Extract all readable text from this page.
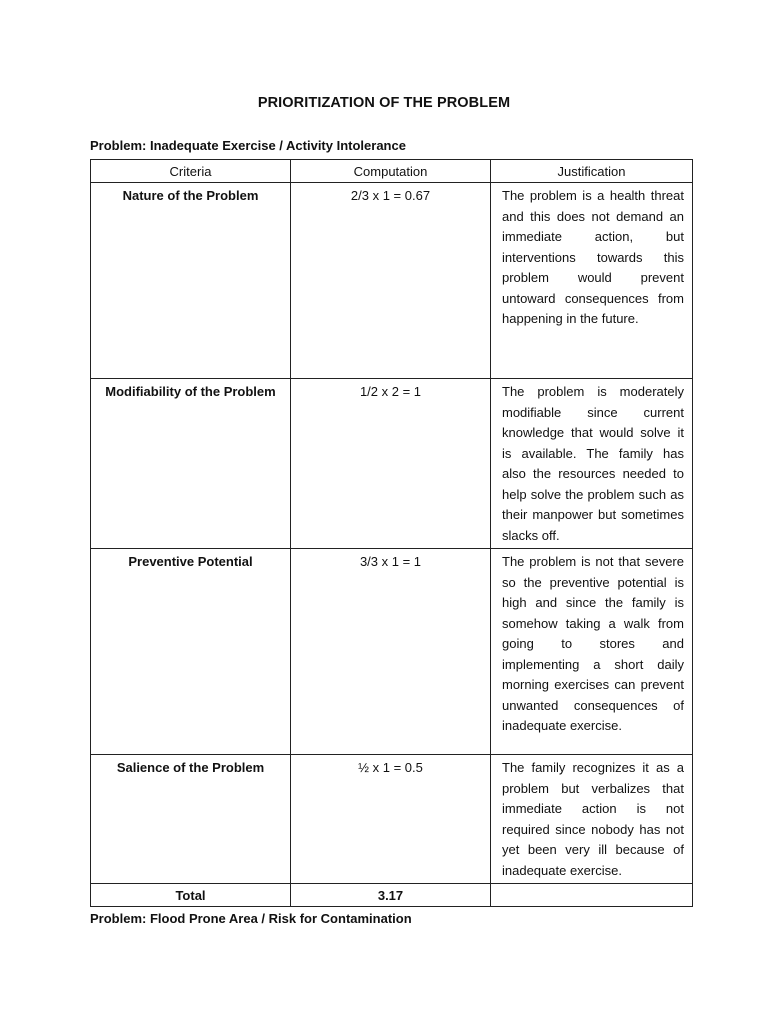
PRIORITIZATION OF THE PROBLEM
Problem: Inadequate Exercise / Activity Intolerance
Criteria	Computation	Justification
Nature of the Problem	2/3 x 1 = 0.67	The problem is a health threat and this does not demand an immediate action, but interventions towards this problem would prevent untoward consequences from happening in the future.

Modifiability of the Problem	1/2 x 2 = 1	The problem is moderately modifiable since current knowledge that would solve it is available. The family has also the resources needed to help solve the problem such as their manpower but sometimes slacks off.

Preventive Potential	3/3 x 1 = 1	The problem is not that severe so the preventive potential is high and since the family is somehow taking a walk from going to stores and implementing a short daily morning exercises can prevent unwanted consequences of inadequate exercise.

Salience of the Problem	½ x 1 = 0.5	The family recognizes it as a problem but verbalizes that immediate action is not required since nobody has not yet been very ill because of inadequate exercise.

Total	3.17	
Problem: Flood Prone Area / Risk for Contamination
